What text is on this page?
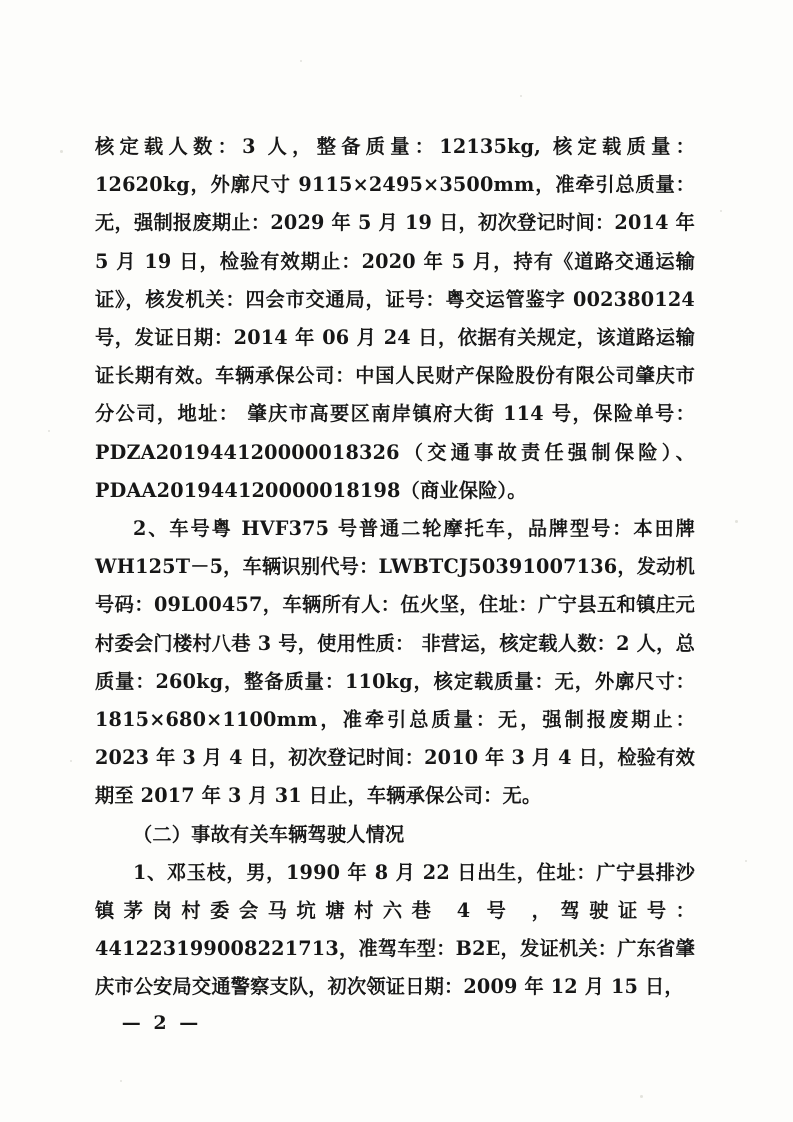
核定载人数：3 人，整备质量：12135kg, 核定载质量：12620kg，外廓尺寸 9115×2495×3500mm，准牵引总质量：无，强制报废期止：2029 年 5 月 19 日，初次登记时间：2014 年 5 月 19 日，检验有效期止：2020 年 5 月，持有《道路交通运输证》，核发机关：四会市交通局，证号：粤交运管鉴字 002380124 号，发证日期：2014 年 06 月 24 日，依据有关规定，该道路运输证长期有效。车辆承保公司：中国人民财产保险股份有限公司肇庆市分公司，地址： 肇庆市高要区南岸镇府大街 114 号，保险单号：PDZA201944120000018326（交通事故责任强制保险）、PDAA201944120000018198（商业保险）。

2、车号粤 HVF375 号普通二轮摩托车，品牌型号：本田牌 WH125T－5，车辆识别代号：LWBTCJ50391007136，发动机号码：09L00457，车辆所有人：伍火坚，住址：广宁县五和镇庄元村委会门楼村八巷 3 号，使用性质： 非营运，核定载人数：2 人，总质量：260kg，整备质量：110kg，核定载质量：无，外廓尺寸：1815×680×1100mm，准牵引总质量：无，强制报废期止：2023 年 3 月 4 日，初次登记时间：2010 年 3 月 4 日，检验有效期至 2017 年 3 月 31 日止，车辆承保公司：无。

（二）事故有关车辆驾驶人情况

1、邓玉枝，男，1990 年 8 月 22 日出生，住址：广宁县排沙镇茅岗村委会马坑塘村六巷 4 号 ，驾驶证号：441223199008221713，准驾车型：B2E，发证机关：广东省肇庆市公安局交通警察支队，初次领证日期：2009 年 12 月 15 日，

— 2 —
